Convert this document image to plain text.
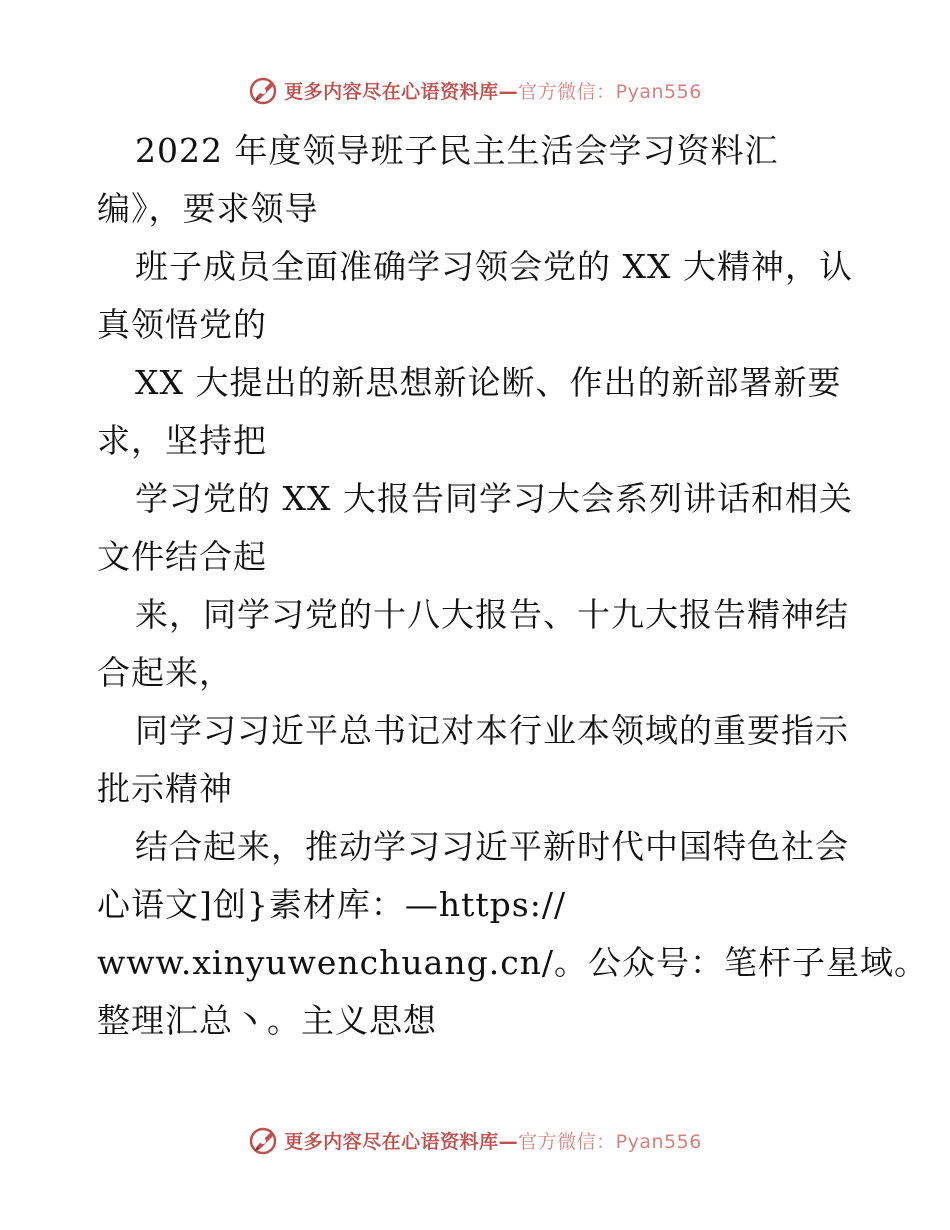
更多内容尽在心语资料库—官方微信：Pyan556
2022 年度领导班子民主生活会学习资料汇
编》，要求领导
班子成员全面准确学习领会党的 XX 大精神，认
真领悟党的
XX 大提出的新思想新论断、作出的新部署新要
求，坚持把
学习党的 XX 大报告同学习大会系列讲话和相关
文件结合起
来，同学习党的十八大报告、十九大报告精神结
合起来，
同学习习近平总书记对本行业本领域的重要指示
批示精神
结合起来，推动学习习近平新时代中国特色社会
心语文]创}素材库：—https://
www.xinyuwenchuang.cn/。公众号：笔杆子星域。
整理汇总丶。主义思想
更多内容尽在心语资料库—官方微信：Pyan556
